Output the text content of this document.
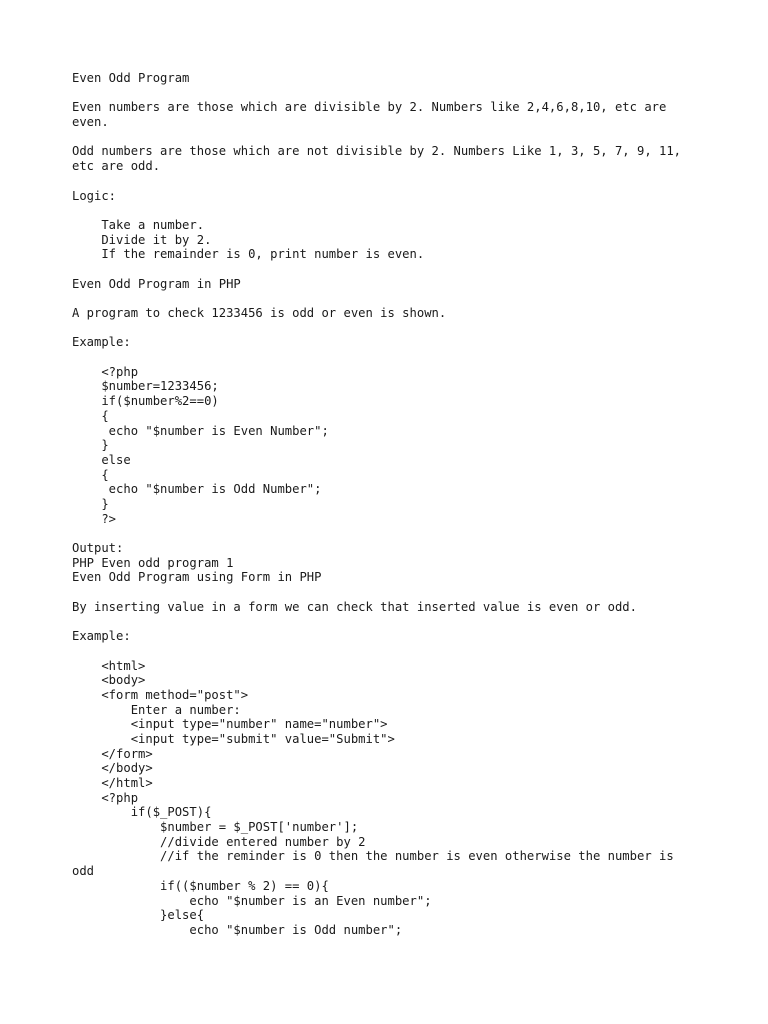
Even Odd Program
Even numbers are those which are divisible by 2. Numbers like 2,4,6,8,10, etc are
even.
Odd numbers are those which are not divisible by 2. Numbers Like 1, 3, 5, 7, 9, 11,
etc are odd.
Logic:
Take a number.
Divide it by 2.
If the remainder is 0, print number is even.
Even Odd Program in PHP
A program to check 1233456 is odd or even is shown.
Example:
<?php
$number=1233456;
if($number%2==0)
{
echo "$number is Even Number";
}
else
{
echo "$number is Odd Number";
}
?>
Output:
PHP Even odd program 1
Even Odd Program using Form in PHP
By inserting value in a form we can check that inserted value is even or odd.
Example:
<html>
<body>
<form method="post">
Enter a number:
<input type="number" name="number">
<input type="submit" value="Submit">
</form>
</body>
</html>
<?php
if($_POST){
$number = $_POST['number'];
//divide entered number by 2
//if the reminder is 0 then the number is even otherwise the number is
odd
if(($number % 2) == 0){
echo "$number is an Even number";
}else{
echo "$number is Odd number";
